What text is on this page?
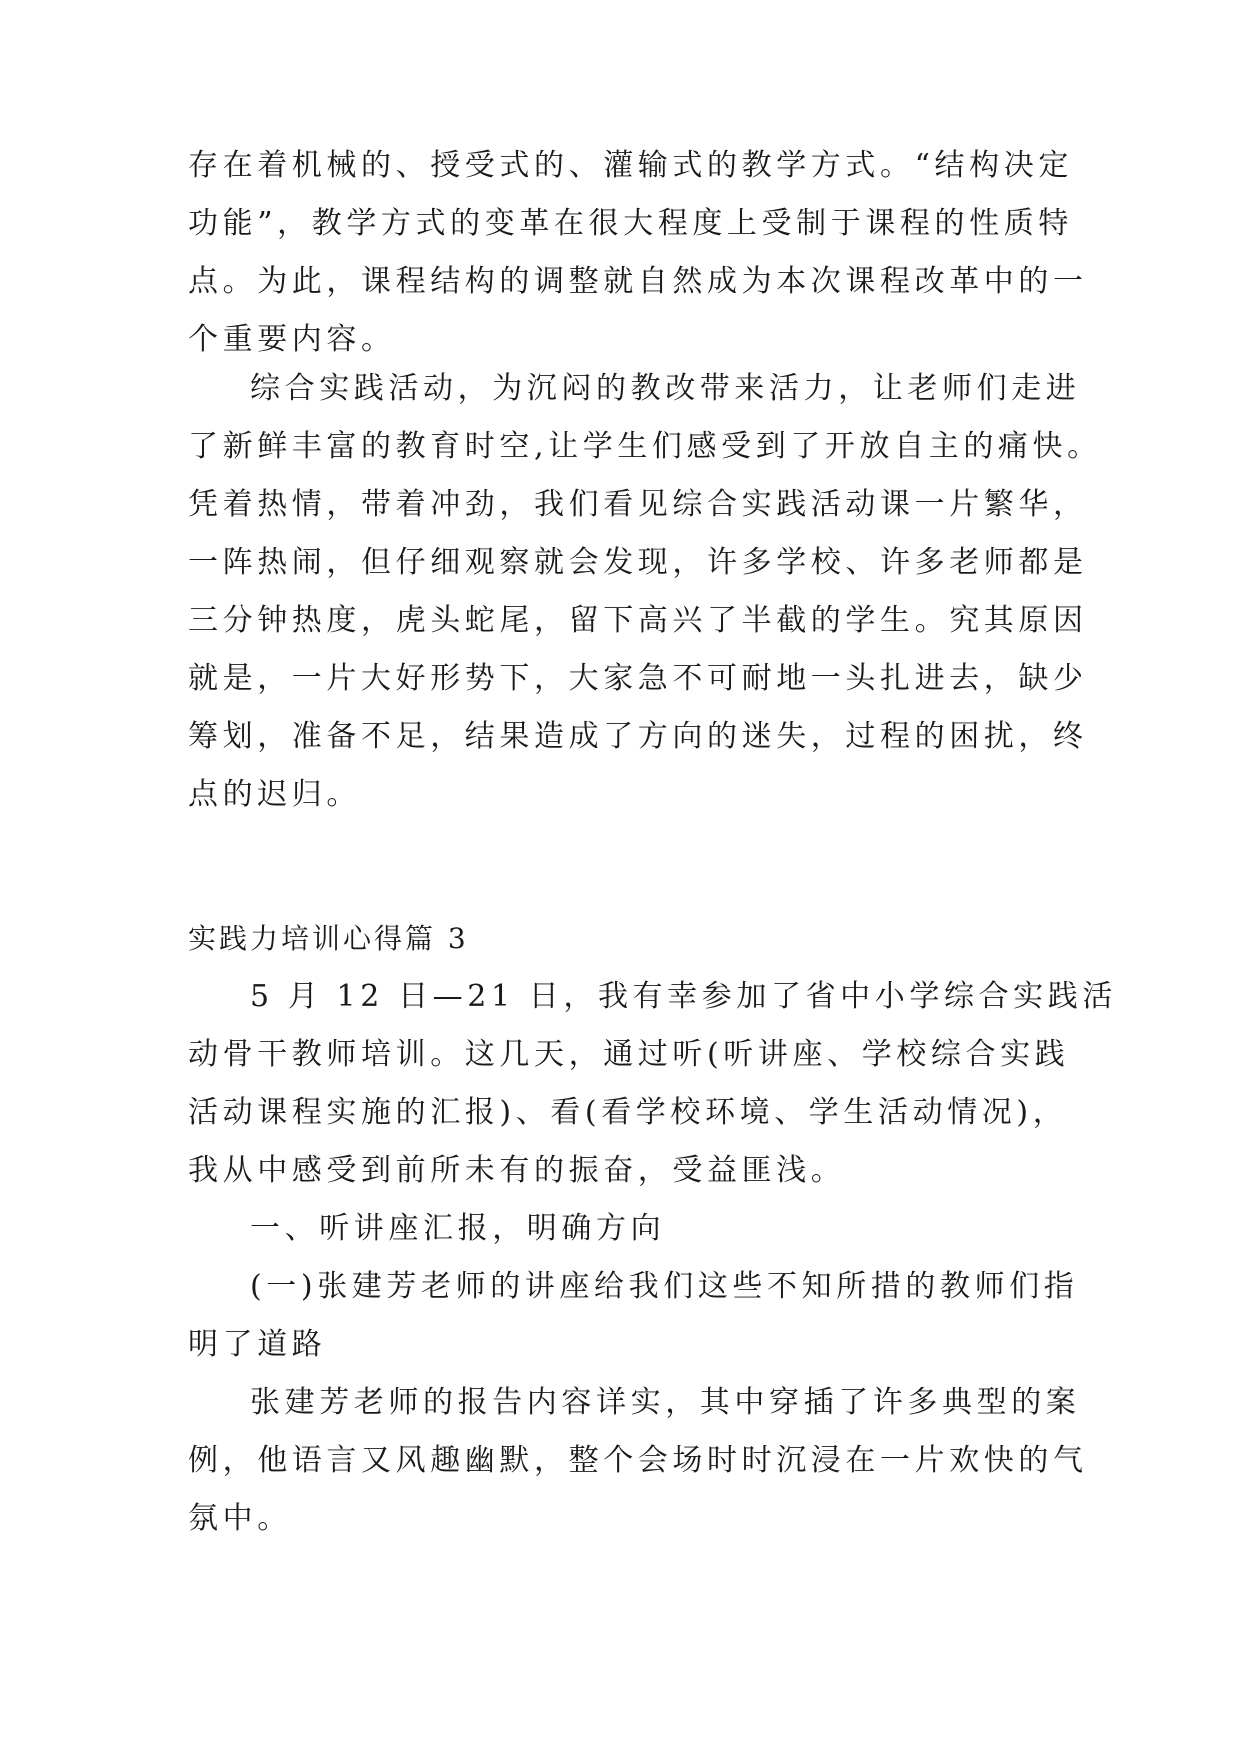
存在着机械的、授受式的、灌输式的教学方式。“结构决定
功能”，教学方式的变革在很大程度上受制于课程的性质特
点。为此，课程结构的调整就自然成为本次课程改革中的一
个重要内容。
综合实践活动，为沉闷的教改带来活力，让老师们走进
了新鲜丰富的教育时空,让学生们感受到了开放自主的痛快。
凭着热情，带着冲劲，我们看见综合实践活动课一片繁华，
一阵热闹，但仔细观察就会发现，许多学校、许多老师都是
三分钟热度，虎头蛇尾，留下高兴了半截的学生。究其原因
就是，一片大好形势下，大家急不可耐地一头扎进去，缺少
筹划，准备不足，结果造成了方向的迷失，过程的困扰，终
点的迟归。
实践力培训心得篇 3
5 月 12 日—21 日，我有幸参加了省中小学综合实践活
动骨干教师培训。这几天，通过听(听讲座、学校综合实践
活动课程实施的汇报)、看(看学校环境、学生活动情况)，
我从中感受到前所未有的振奋，受益匪浅。
一、听讲座汇报，明确方向
(一)张建芳老师的讲座给我们这些不知所措的教师们指
明了道路
张建芳老师的报告内容详实，其中穿插了许多典型的案
例，他语言又风趣幽默，整个会场时时沉浸在一片欢快的气
氛中。
